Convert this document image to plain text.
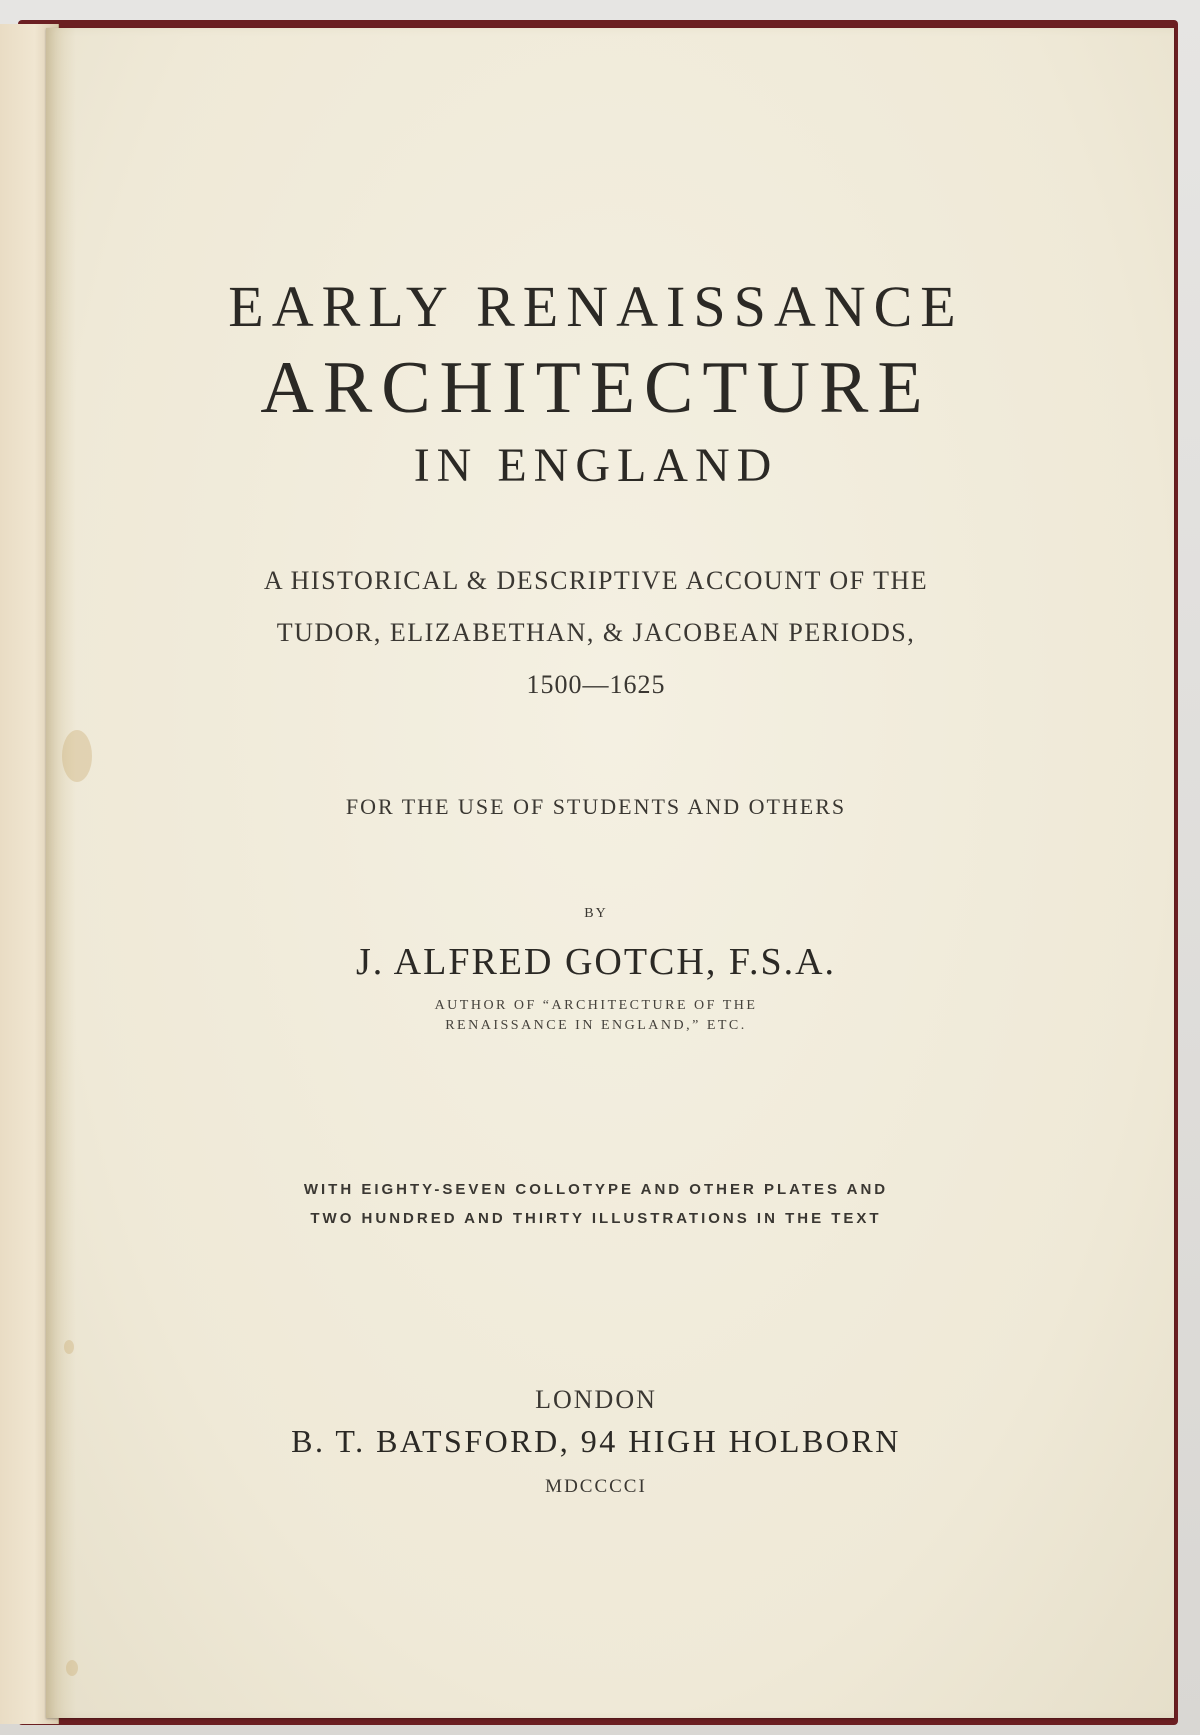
EARLY RENAISSANCE
ARCHITECTURE
IN ENGLAND
A HISTORICAL & DESCRIPTIVE ACCOUNT OF THE
TUDOR, ELIZABETHAN, & JACOBEAN PERIODS,
1500—1625
FOR THE USE OF STUDENTS AND OTHERS
BY
J. ALFRED GOTCH, F.S.A.
AUTHOR OF “ARCHITECTURE OF THE
RENAISSANCE IN ENGLAND,” ETC.
WITH EIGHTY-SEVEN COLLOTYPE AND OTHER PLATES AND
TWO HUNDRED AND THIRTY ILLUSTRATIONS IN THE TEXT
LONDON
B. T. BATSFORD, 94 HIGH HOLBORN
MDCCCCI
